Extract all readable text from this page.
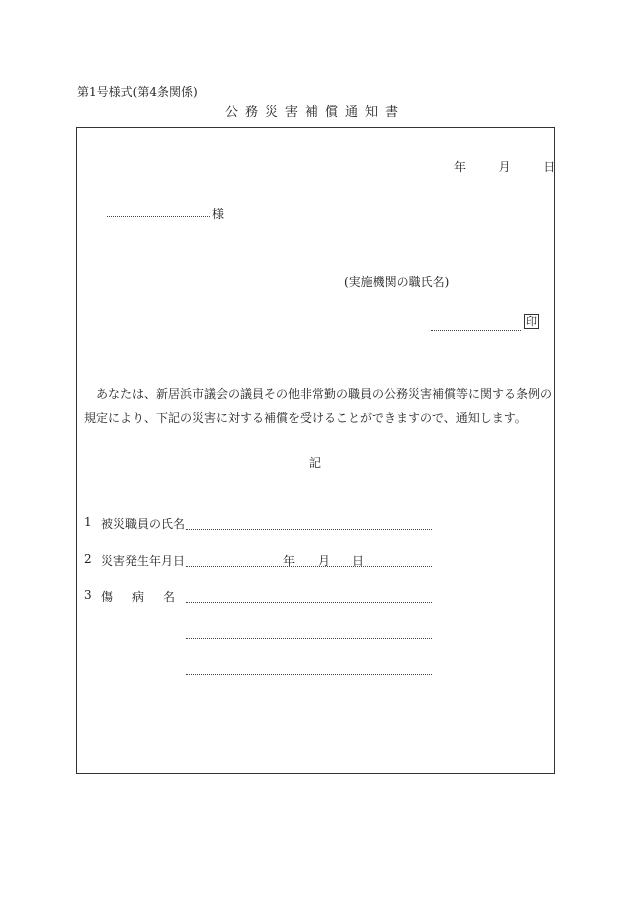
第1号様式(第4条関係)
公務災害補償通知書
年	月	日
様
(実施機関の職氏名)
印

あなたは、新居浜市議会の議員その他非常勤の職員の公務災害補償等に関する条例の

規定により、下記の災害に対する補償を受けることができますので、通知します。

記
1 被災職員の氏名
2 災害発生年月日	年 月 日
3 傷病名
